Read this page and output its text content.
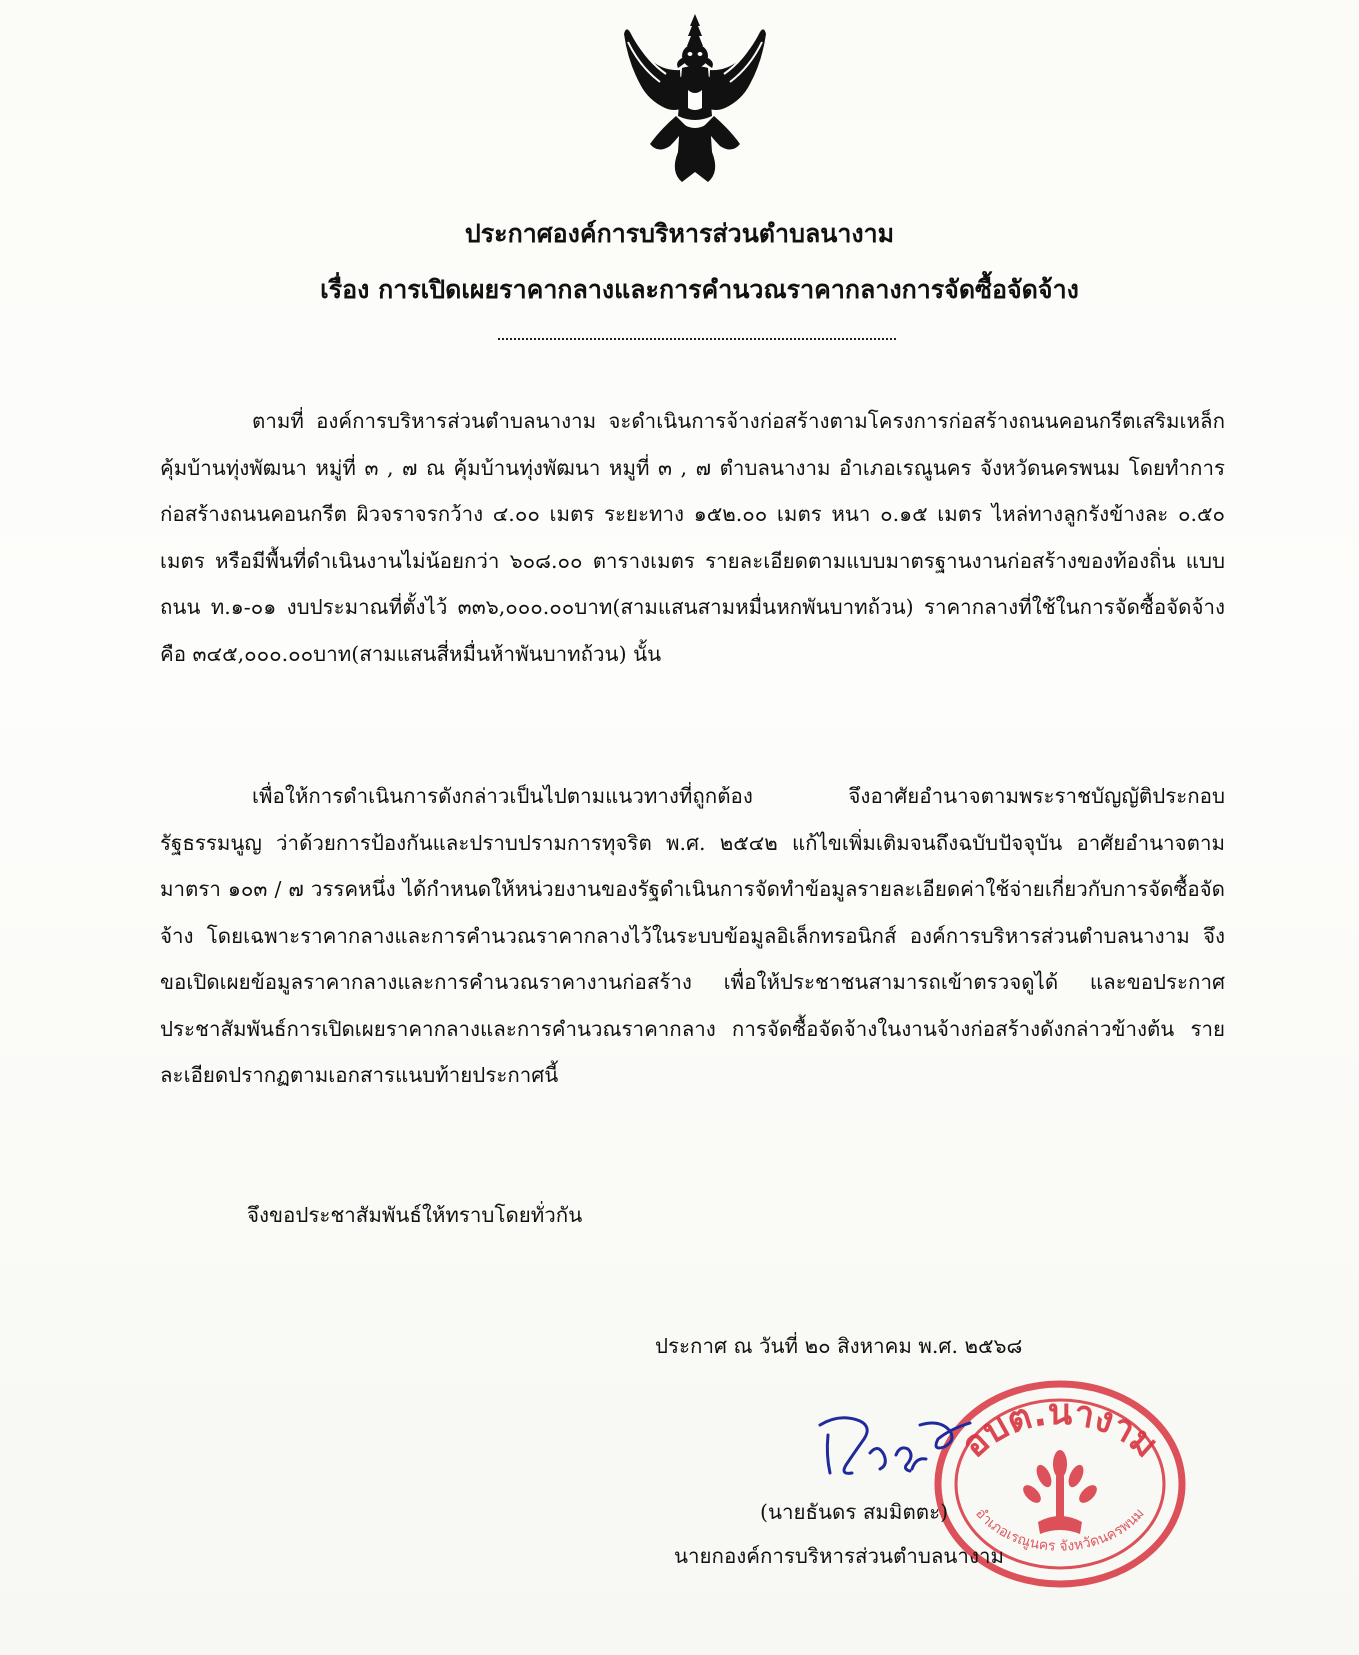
ประกาศองค์การบริหารส่วนตำบลนางาม
เรื่อง การเปิดเผยราคากลางและการคำนวณราคากลางการจัดซื้อจัดจ้าง
ตามที่ องค์การบริหารส่วนตำบลนางาม จะดำเนินการจ้างก่อสร้างตามโครงการก่อสร้างถนนคอนกรีตเสริมเหล็ก คุ้มบ้านทุ่งพัฒนา หมู่ที่ ๓ , ๗ ณ คุ้มบ้านทุ่งพัฒนา หมูที่ ๓ , ๗ ตำบลนางาม อำเภอเรณูนคร จังหวัดนครพนม โดยทำการก่อสร้างถนนคอนกรีต ผิวจราจรกว้าง ๔.๐๐ เมตร ระยะทาง ๑๕๒.๐๐ เมตร หนา ๐.๑๕ เมตร ไหล่ทางลูกรังข้างละ ๐.๕๐ เมตร หรือมีพื้นที่ดำเนินงานไม่น้อยกว่า ๖๐๘.๐๐ ตารางเมตร รายละเอียดตามแบบมาตรฐานงานก่อสร้างของท้องถิ่น แบบถนน ท.๑-๐๑ งบประมาณที่ตั้งไว้ ๓๓๖,๐๐๐.๐๐บาท(สามแสนสามหมื่นหกพันบาทถ้วน) ราคากลางที่ใช้ในการจัดซื้อจัดจ้าง คือ ๓๔๕,๐๐๐.๐๐บาท(สามแสนสี่หมื่นห้าพันบาทถ้วน) นั้น
เพื่อให้การดำเนินการดังกล่าวเป็นไปตามแนวทางที่ถูกต้อง จึงอาศัยอำนาจตามพระราชบัญญัติประกอบรัฐธรรมนูญ ว่าด้วยการป้องกันและปราบปรามการทุจริต พ.ศ. ๒๕๔๒ แก้ไขเพิ่มเติมจนถึงฉบับปัจจุบัน อาศัยอำนาจตามมาตรา ๑๐๓ / ๗ วรรคหนึ่ง ได้กำหนดให้หน่วยงานของรัฐดำเนินการจัดทำข้อมูลรายละเอียดค่าใช้จ่ายเกี่ยวกับการจัดซื้อจัดจ้าง โดยเฉพาะราคากลางและการคำนวณราคากลางไว้ในระบบข้อมูลอิเล็กทรอนิกส์ องค์การบริหารส่วนตำบลนางาม จึงขอเปิดเผยข้อมูลราคากลางและการคำนวณราคางานก่อสร้าง เพื่อให้ประชาชนสามารถเข้าตรวจดูได้ และขอประกาศประชาสัมพันธ์การเปิดเผยราคากลางและการคำนวณราคากลาง การจัดซื้อจัดจ้างในงานจ้างก่อสร้างดังกล่าวข้างต้น รายละเอียดปรากฏตามเอกสารแนบท้ายประกาศนี้
จึงขอประชาสัมพันธ์ให้ทราบโดยทั่วกัน
ประกาศ ณ วันที่ ๒๐ สิงหาคม พ.ศ. ๒๕๖๘
อบต.นางาม
อำเภอเรณูนคร จังหวัดนครพนม
(นายธันดร สมมิตตะ)
นายกองค์การบริหารส่วนตำบลนางาม
